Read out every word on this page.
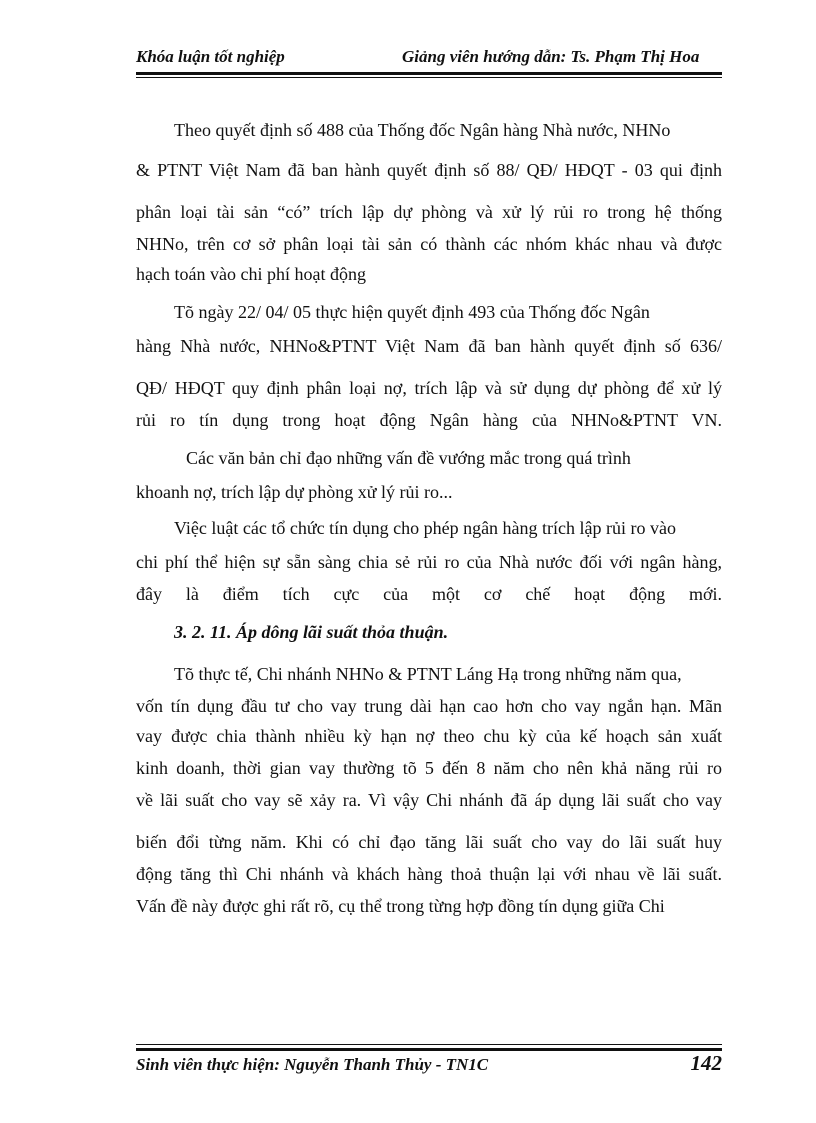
Khóa luận tốt nghiệp	Giảng viên hướng dẫn: Ts. Phạm Thị Hoa
Theo quyết định số 488 của Thống đốc Ngân hàng Nhà nước, NHNo
& PTNT Việt Nam đã ban hành quyết định số 88/ QĐ/ HĐQT - 03 qui định
phân loại tài sản “có” trích lập dự phòng và xử lý rủi ro trong hệ thống
NHNo, trên cơ sở phân loại tài sản có thành các nhóm khác nhau và được
hạch toán vào chi phí hoạt động
Tõ ngày 22/ 04/ 05 thực hiện quyết định 493 của Thống đốc Ngân
hàng Nhà nước, NHNo&PTNT Việt Nam đã ban hành quyết định số 636/
QĐ/ HĐQT quy định phân loại nợ, trích lập và sử dụng dự phòng để xử lý
rủi ro tín dụng trong hoạt động Ngân hàng của NHNo&PTNT VN.
Các văn bản chỉ đạo những vấn đề vướng mắc trong quá trình
khoanh nợ, trích lập dự phòng xử lý rủi ro...
Việc luật các tổ chức tín dụng cho phép ngân hàng trích lập rủi ro vào
chi phí thể hiện sự sẵn sàng chia sẻ rủi ro của Nhà nước đối với ngân hàng,
đây là điểm tích cực của một cơ chế hoạt động mới.
3. 2. 11. Áp dông lãi suất thỏa thuận.
Tõ thực tế, Chi nhánh NHNo & PTNT Láng Hạ trong những năm qua,
vốn tín dụng đầu tư cho vay trung dài hạn cao hơn cho vay ngắn hạn. Mãn
vay được chia thành nhiều kỳ hạn nợ theo chu kỳ của kế hoạch sản xuất
kinh doanh, thời gian vay thường tõ 5 đến 8 năm cho nên khả năng rủi ro
về lãi suất cho vay sẽ xảy ra. Vì vậy Chi nhánh đã áp dụng lãi suất cho vay
biến đổi từng năm. Khi có chỉ đạo tăng lãi suất cho vay do lãi suất huy
động tăng thì Chi nhánh và khách hàng thoả thuận lại với nhau về lãi suất.
Vấn đề này được ghi rất rõ, cụ thể trong từng hợp đồng tín dụng giữa Chi
Sinh viên thực hiện: Nguyễn Thanh Thủy - TN1C	142
